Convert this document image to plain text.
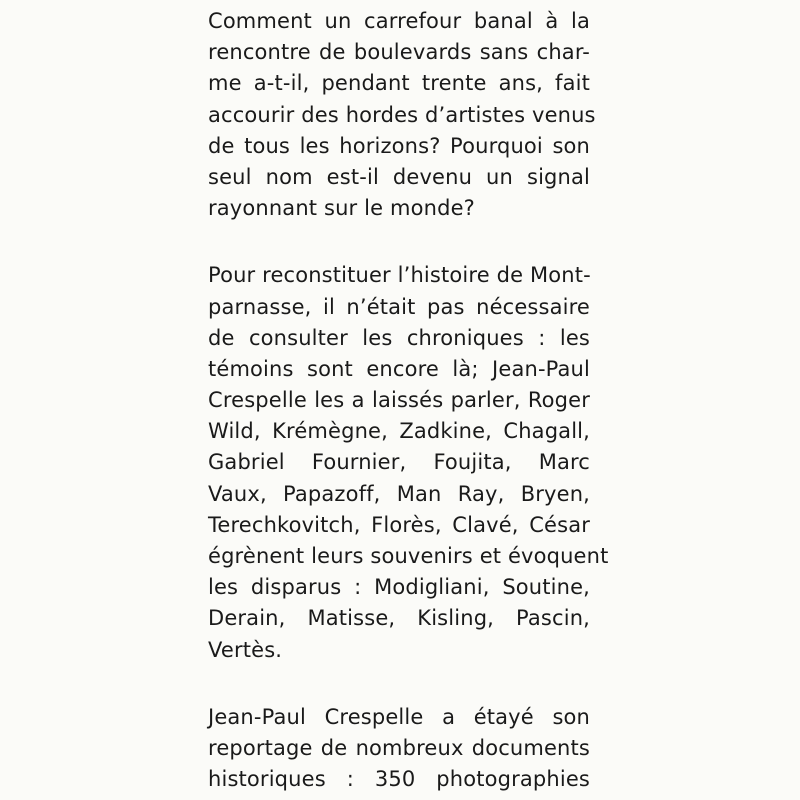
Comment un carrefour banal à la
rencontre de boulevards sans char-
me a-t-il, pendant trente ans, fait
accourir des hordes d’artistes venus
de tous les horizons? Pourquoi son
seul nom est-il devenu un signal
rayonnant sur le monde?

Pour reconstituer l’histoire de Mont-
parnasse, il n’était pas nécessaire
de consulter les chroniques : les
témoins sont encore là; Jean-Paul
Crespelle les a laissés parler, Roger
Wild, Krémègne, Zadkine, Chagall,
Gabriel Fournier, Foujita, Marc
Vaux, Papazoff, Man Ray, Bryen,
Terechkovitch, Florès, Clavé, César
égrènent leurs souvenirs et évoquent
les disparus : Modigliani, Soutine,
Derain, Matisse, Kisling, Pascin,
Vertès.

Jean-Paul Crespelle a étayé son
reportage de nombreux documents
historiques : 350 photographies
